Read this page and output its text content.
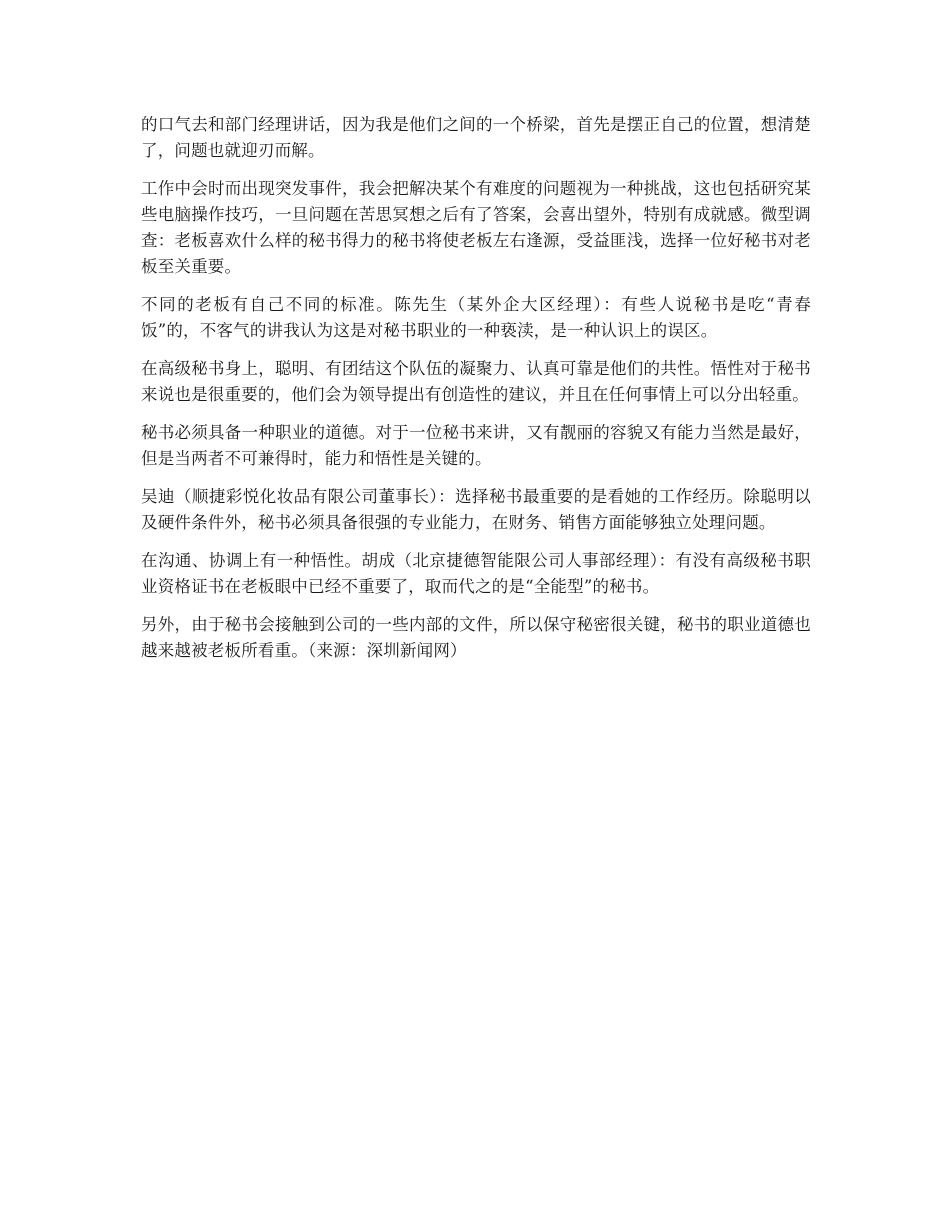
的口气去和部门经理讲话，因为我是他们之间的一个桥梁，首先是摆正自己的位置，想清楚了，问题也就迎刃而解。

工作中会时而出现突发事件，我会把解决某个有难度的问题视为一种挑战，这也包括研究某些电脑操作技巧，一旦问题在苦思冥想之后有了答案，会喜出望外，特别有成就感。微型调查：老板喜欢什么样的秘书得力的秘书将使老板左右逢源，受益匪浅，选择一位好秘书对老板至关重要。

不同的老板有自己不同的标准。陈先生（某外企大区经理）：有些人说秘书是吃“青春饭”的，不客气的讲我认为这是对秘书职业的一种亵渎，是一种认识上的误区。

在高级秘书身上，聪明、有团结这个队伍的凝聚力、认真可靠是他们的共性。悟性对于秘书来说也是很重要的，他们会为领导提出有创造性的建议，并且在任何事情上可以分出轻重。

秘书必须具备一种职业的道德。对于一位秘书来讲，又有靓丽的容貌又有能力当然是最好，但是当两者不可兼得时，能力和悟性是关键的。

吴迪（顺捷彩悦化妆品有限公司董事长）：选择秘书最重要的是看她的工作经历。除聪明以及硬件条件外，秘书必须具备很强的专业能力，在财务、销售方面能够独立处理问题。

在沟通、协调上有一种悟性。胡成（北京捷德智能限公司人事部经理）：有没有高级秘书职业资格证书在老板眼中已经不重要了，取而代之的是“全能型”的秘书。

另外，由于秘书会接触到公司的一些内部的文件，所以保守秘密很关键，秘书的职业道德也越来越被老板所看重。（来源：深圳新闻网）
